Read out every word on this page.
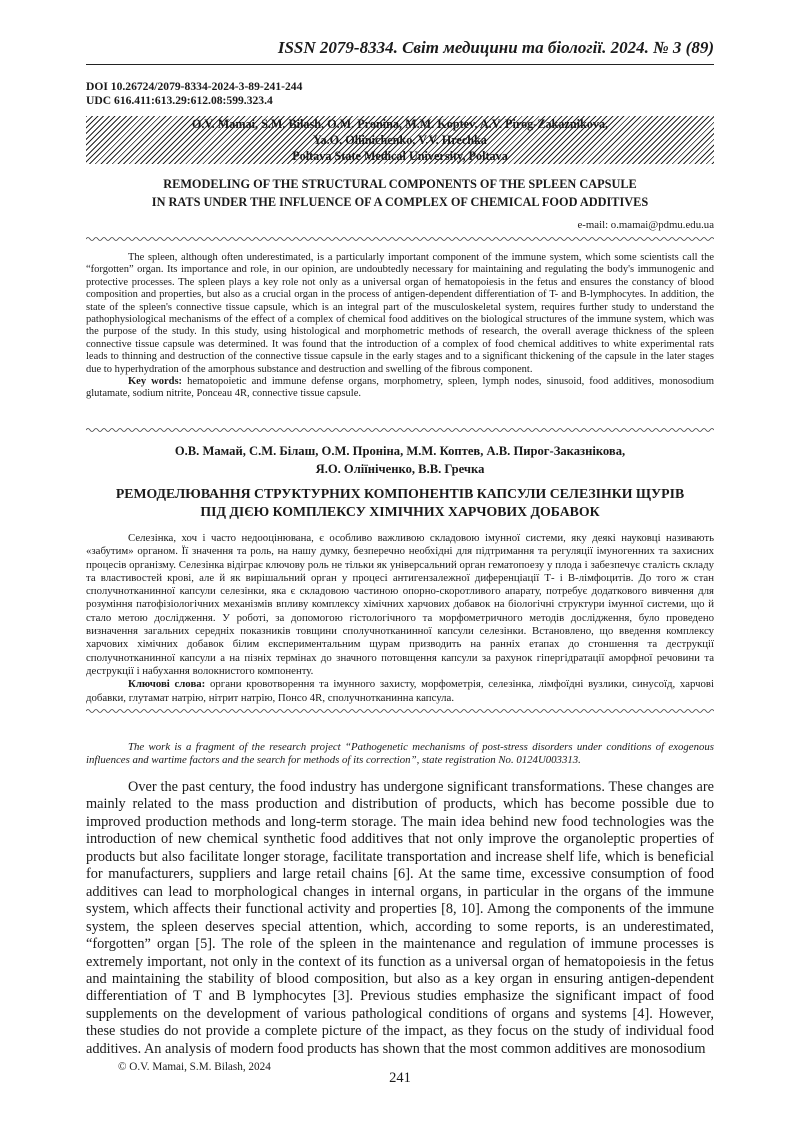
ISSN 2079-8334. Світ медицини та біології. 2024. № 3 (89)
DOI 10.26724/2079-8334-2024-3-89-241-244
UDC 616.411:613.29:612.08:599.323.4
O.V. Mamai, S.M. Bilash, O.M. Pronina, M.M. Koptev, A.V. Pirog-Zakaznikova,
Ya.O. Oliinichenko, V.V. Hrechka
Poltava State Medical University, Poltava
REMODELING OF THE STRUCTURAL COMPONENTS OF THE SPLEEN CAPSULE
IN RATS UNDER THE INFLUENCE OF A COMPLEX OF CHEMICAL FOOD ADDITIVES
e-mail: o.mamai@pdmu.edu.ua

The spleen, although often underestimated, is a particularly important component of the immune system, which some scientists call the “forgotten” organ. Its importance and role, in our opinion, are undoubtedly necessary for maintaining and regulating the body's immunogenic and protective processes. The spleen plays a key role not only as a universal organ of hematopoiesis in the fetus and ensures the constancy of blood composition and properties, but also as a crucial organ in the process of antigen-dependent differentiation of T- and B-lymphocytes. In addition, the state of the spleen's connective tissue capsule, which is an integral part of the musculoskeletal system, requires further study to understand the pathophysiological mechanisms of the effect of a complex of chemical food additives on the biological structures of the immune system, which was the purpose of the study. In this study, using histological and morphometric methods of research, the overall average thickness of the spleen connective tissue capsule was determined. It was found that the introduction of a complex of food chemical additives to white experimental rats leads to thinning and destruction of the connective tissue capsule in the early stages and to a significant thickening of the capsule in the later stages due to hyperhydration of the amorphous substance and destruction and swelling of the fibrous component.

Key words: hematopoietic and immune defense organs, morphometry, spleen, lymph nodes, sinusoid, food additives, monosodium glutamate, sodium nitrite, Ponceau 4R, connective tissue capsule.

О.В. Мамай, С.М. Білаш, О.М. Проніна, М.М. Коптев, А.В. Пирог-Заказнікова,
Я.О. Оліїніченко, В.В. Гречка
РЕМОДЕЛЮВАННЯ СТРУКТУРНИХ КОМПОНЕНТІВ КАПСУЛИ СЕЛЕЗІНКИ ЩУРІВ
ПІД ДІЄЮ КОМПЛЕКСУ ХІМІЧНИХ ХАРЧОВИХ ДОБАВОК

Селезінка, хоч і часто недооцінювана, є особливо важливою складовою імунної системи, яку деякі науковці називають «забутим» органом. Її значення та роль, на нашу думку, безперечно необхідні для підтримання та регуляції імуногенних та захисних процесів організму. Селезінка відіграє ключову роль не тільки як універсальний орган гематопоезу у плода і забезпечує сталість складу та властивостей крові, але й як вирішальний орган у процесі антигензалежної диференціації Т- і В-лімфоцитів. До того ж стан сполучнотканинної капсули селезінки, яка є складовою частиною опорно-скоротливого апарату, потребує додаткового вивчення для розуміння патофізіологічних механізмів впливу комплексу хімічних харчових добавок на біологічні структури імунної системи, що й стало метою дослідження. У роботі, за допомогою гістологічного та морфометричного методів дослідження, було проведено визначення загальних середніх показників товщини сполучнотканинної капсули селезінки. Встановлено, що введення комплексу харчових хімічних добавок білим експериментальним щурам призводить на ранніх етапах до стоншення та деструкції сполучнотканинної капсули а на пізніх термінах до значного потовщення капсули за рахунок гіпергідратації аморфної речовини та деструкції і набухання волокнистого компоненту.

Ключові слова: органи кровотворення та імунного захисту, морфометрія, селезінка, лімфоїдні вузлики, синусоїд, харчові добавки, глутамат натрію, нітрит натрію, Понсо 4R, сполучнотканинна капсула.

The work is a fragment of the research project “Pathogenetic mechanisms of post-stress disorders under conditions of exogenous influences and wartime factors and the search for methods of its correction”, state registration No. 0124U003313.
Over the past century, the food industry has undergone significant transformations. These changes are mainly related to the mass production and distribution of products, which has become possible due to improved production methods and long-term storage. The main idea behind new food technologies was the introduction of new chemical synthetic food additives that not only improve the organoleptic properties of products but also facilitate longer storage, facilitate transportation and increase shelf life, which is beneficial for manufacturers, suppliers and large retail chains [6]. At the same time, excessive consumption of food additives can lead to morphological changes in internal organs, in particular in the organs of the immune system, which affects their functional activity and properties [8, 10]. Among the components of the immune system, the spleen deserves special attention, which, according to some reports, is an underestimated, “forgotten” organ [5]. The role of the spleen in the maintenance and regulation of immune processes is extremely important, not only in the context of its function as a universal organ of hematopoiesis in the fetus and maintaining the stability of blood composition, but also as a key organ in ensuring antigen-dependent differentiation of T and B lymphocytes [3]. Previous studies emphasize the significant impact of food supplements on the development of various pathological conditions of organs and systems [4]. However, these studies do not provide a complete picture of the impact, as they focus on the study of individual food additives. An analysis of modern food products has shown that the most common additives are monosodium
© O.V. Mamai, S.M. Bilash, 2024
241
